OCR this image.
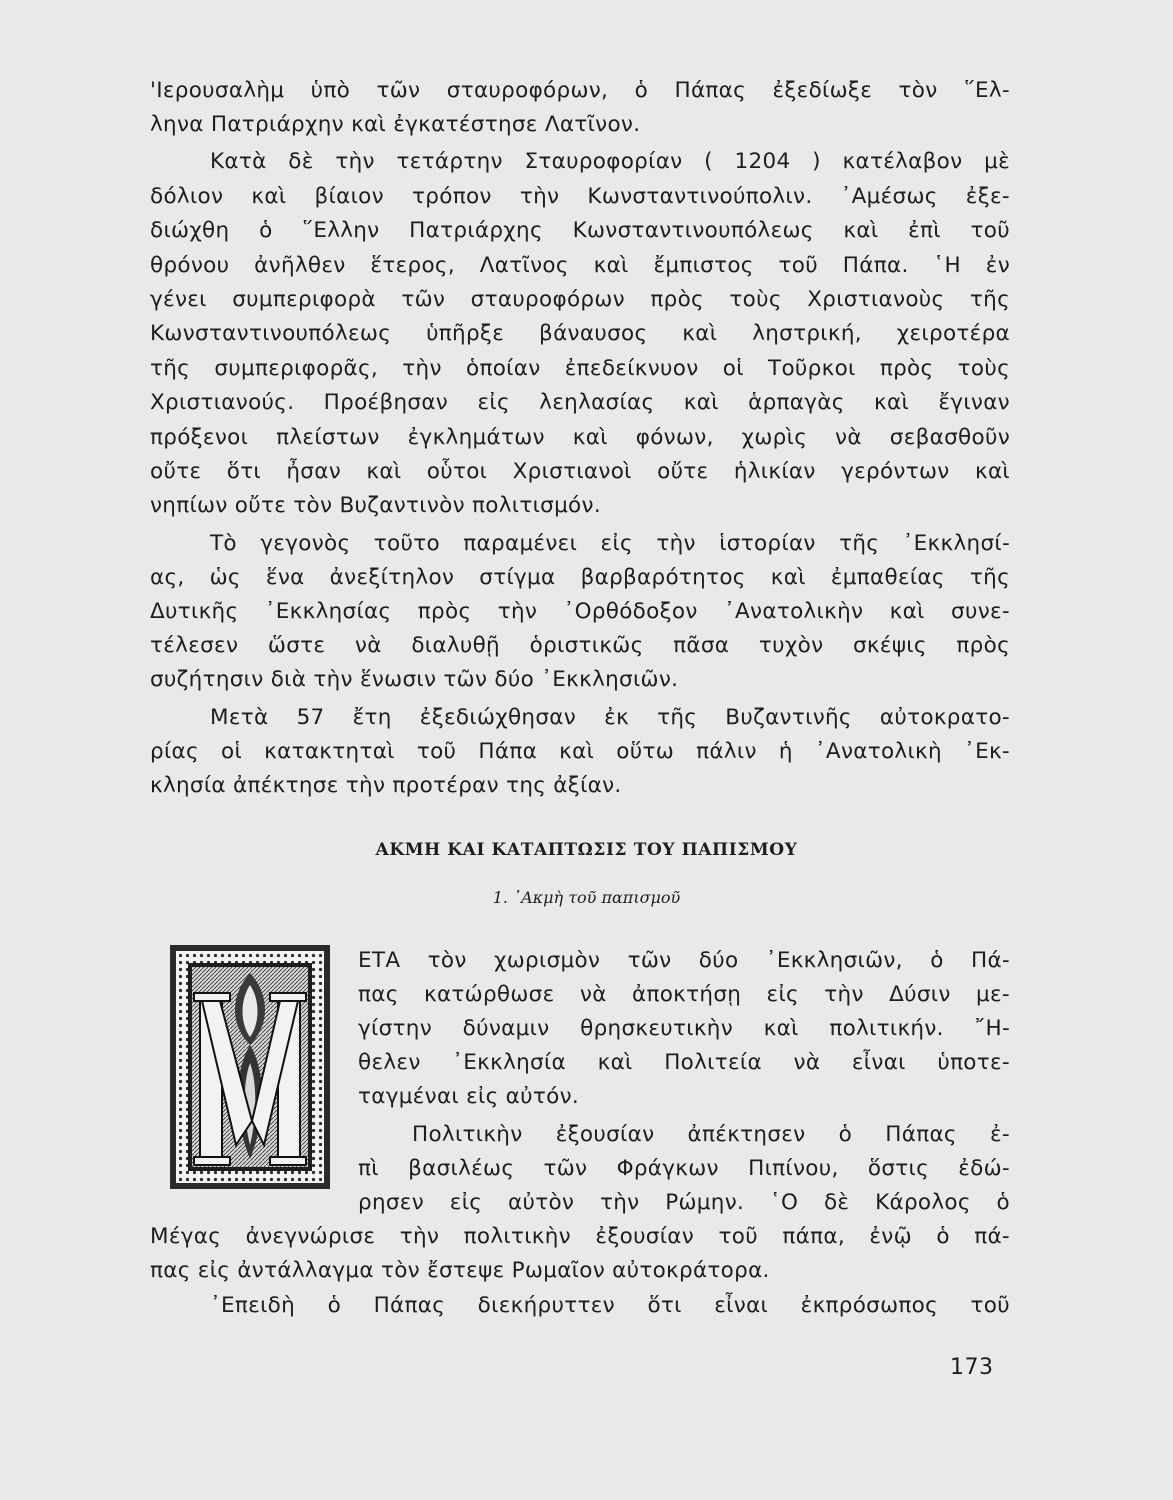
'Ιερουσαλὴμ ὑπὸ τῶν σταυροφόρων, ὁ Πάπας ἐξεδίωξε τὸν ῞Ελ-
ληνα Πατριάρχην καὶ ἐγκατέστησε Λατῖνον.
Κατὰ δὲ τὴν τετάρτην Σταυροφορίαν ( 1204 ) κατέλαβον μὲ
δόλιον καὶ βίαιον τρόπον τὴν Κωνσταντινούπολιν. ᾿Αμέσως ἐξε-
διώχθη ὁ ῞Ελλην Πατριάρχης Κωνσταντινουπόλεως καὶ ἐπὶ τοῦ
θρόνου ἀνῆλθεν ἕτερος, Λατῖνος καὶ ἔμπιστος τοῦ Πάπα. ῾Η ἐν
γένει συμπεριφορὰ τῶν σταυροφόρων πρὸς τοὺς Χριστιανοὺς τῆς
Κωνσταντινουπόλεως ὑπῆρξε βάναυσος καὶ ληστρική, χειροτέρα
τῆς συμπεριφορᾶς, τὴν ὁποίαν ἐπεδείκνυον οἱ Τοῦρκοι πρὸς τοὺς
Χριστιανούς. Προέβησαν εἰς λεηλασίας καὶ ἁρπαγὰς καὶ ἔγιναν
πρόξενοι πλείστων ἐγκλημάτων καὶ φόνων, χωρὶς νὰ σεβασθοῦν
οὔτε ὅτι ἦσαν καὶ οὗτοι Χριστιανοὶ οὔτε ἡλικίαν γερόντων καὶ
νηπίων οὔτε τὸν Βυζαντινὸν πολιτισμόν.
Τὸ γεγονὸς τοῦτο παραμένει εἰς τὴν ἱστορίαν τῆς ᾿Εκκλησί-
ας, ὡς ἕνα ἀνεξίτηλον στίγμα βαρβαρότητος καὶ ἐμπαθείας τῆς
Δυτικῆς ᾿Εκκλησίας πρὸς τὴν ᾿Ορθόδοξον ᾿Ανατολικὴν καὶ συνε-
τέλεσεν ὥστε νὰ διαλυθῇ ὁριστικῶς πᾶσα τυχὸν σκέψις πρὸς
συζήτησιν διὰ τὴν ἕνωσιν τῶν δύο ᾿Εκκλησιῶν.
Μετὰ 57 ἔτη ἐξεδιώχθησαν ἐκ τῆς Βυζαντινῆς αὐτοκρατο-
ρίας οἱ κατακτηταὶ τοῦ Πάπα καὶ οὕτω πάλιν ἡ ᾿Ανατολικὴ ᾿Εκ-
κλησία ἀπέκτησε τὴν προτέραν της ἀξίαν.
ΑΚΜΗ ΚΑΙ ΚΑΤΑΠΤΩΣΙΣ ΤΟΥ ΠΑΠΙΣΜΟΥ
1. ᾿Ακμὴ τοῦ παπισμοῦ
ΕΤΑ τὸν χωρισμὸν τῶν δύο ᾿Εκκλησιῶν, ὁ Πά-
πας κατώρθωσε νὰ ἀποκτήσῃ εἰς τὴν Δύσιν με-
γίστην δύναμιν θρησκευτικὴν καὶ πολιτικήν. ῎Η-
θελεν ᾿Εκκλησία καὶ Πολιτεία νὰ εἶναι ὑποτε-
ταγμέναι εἰς αὐτόν.
Πολιτικὴν ἐξουσίαν ἀπέκτησεν ὁ Πάπας ἐ-
πὶ βασιλέως τῶν Φράγκων Πιπίνου, ὅστις ἐδώ-
ρησεν εἰς αὐτὸν τὴν Ρώμην. ῾Ο δὲ Κάρολος ὁ
Μέγας ἀνεγνώρισε τὴν πολιτικὴν ἐξουσίαν τοῦ πάπα, ἐνῷ ὁ πά-
πας εἰς ἀντάλλαγμα τὸν ἔστεψε Ρωμαῖον αὐτοκράτορα.
᾿Επειδὴ ὁ Πάπας διεκήρυττεν ὅτι εἶναι ἐκπρόσωπος τοῦ
173
